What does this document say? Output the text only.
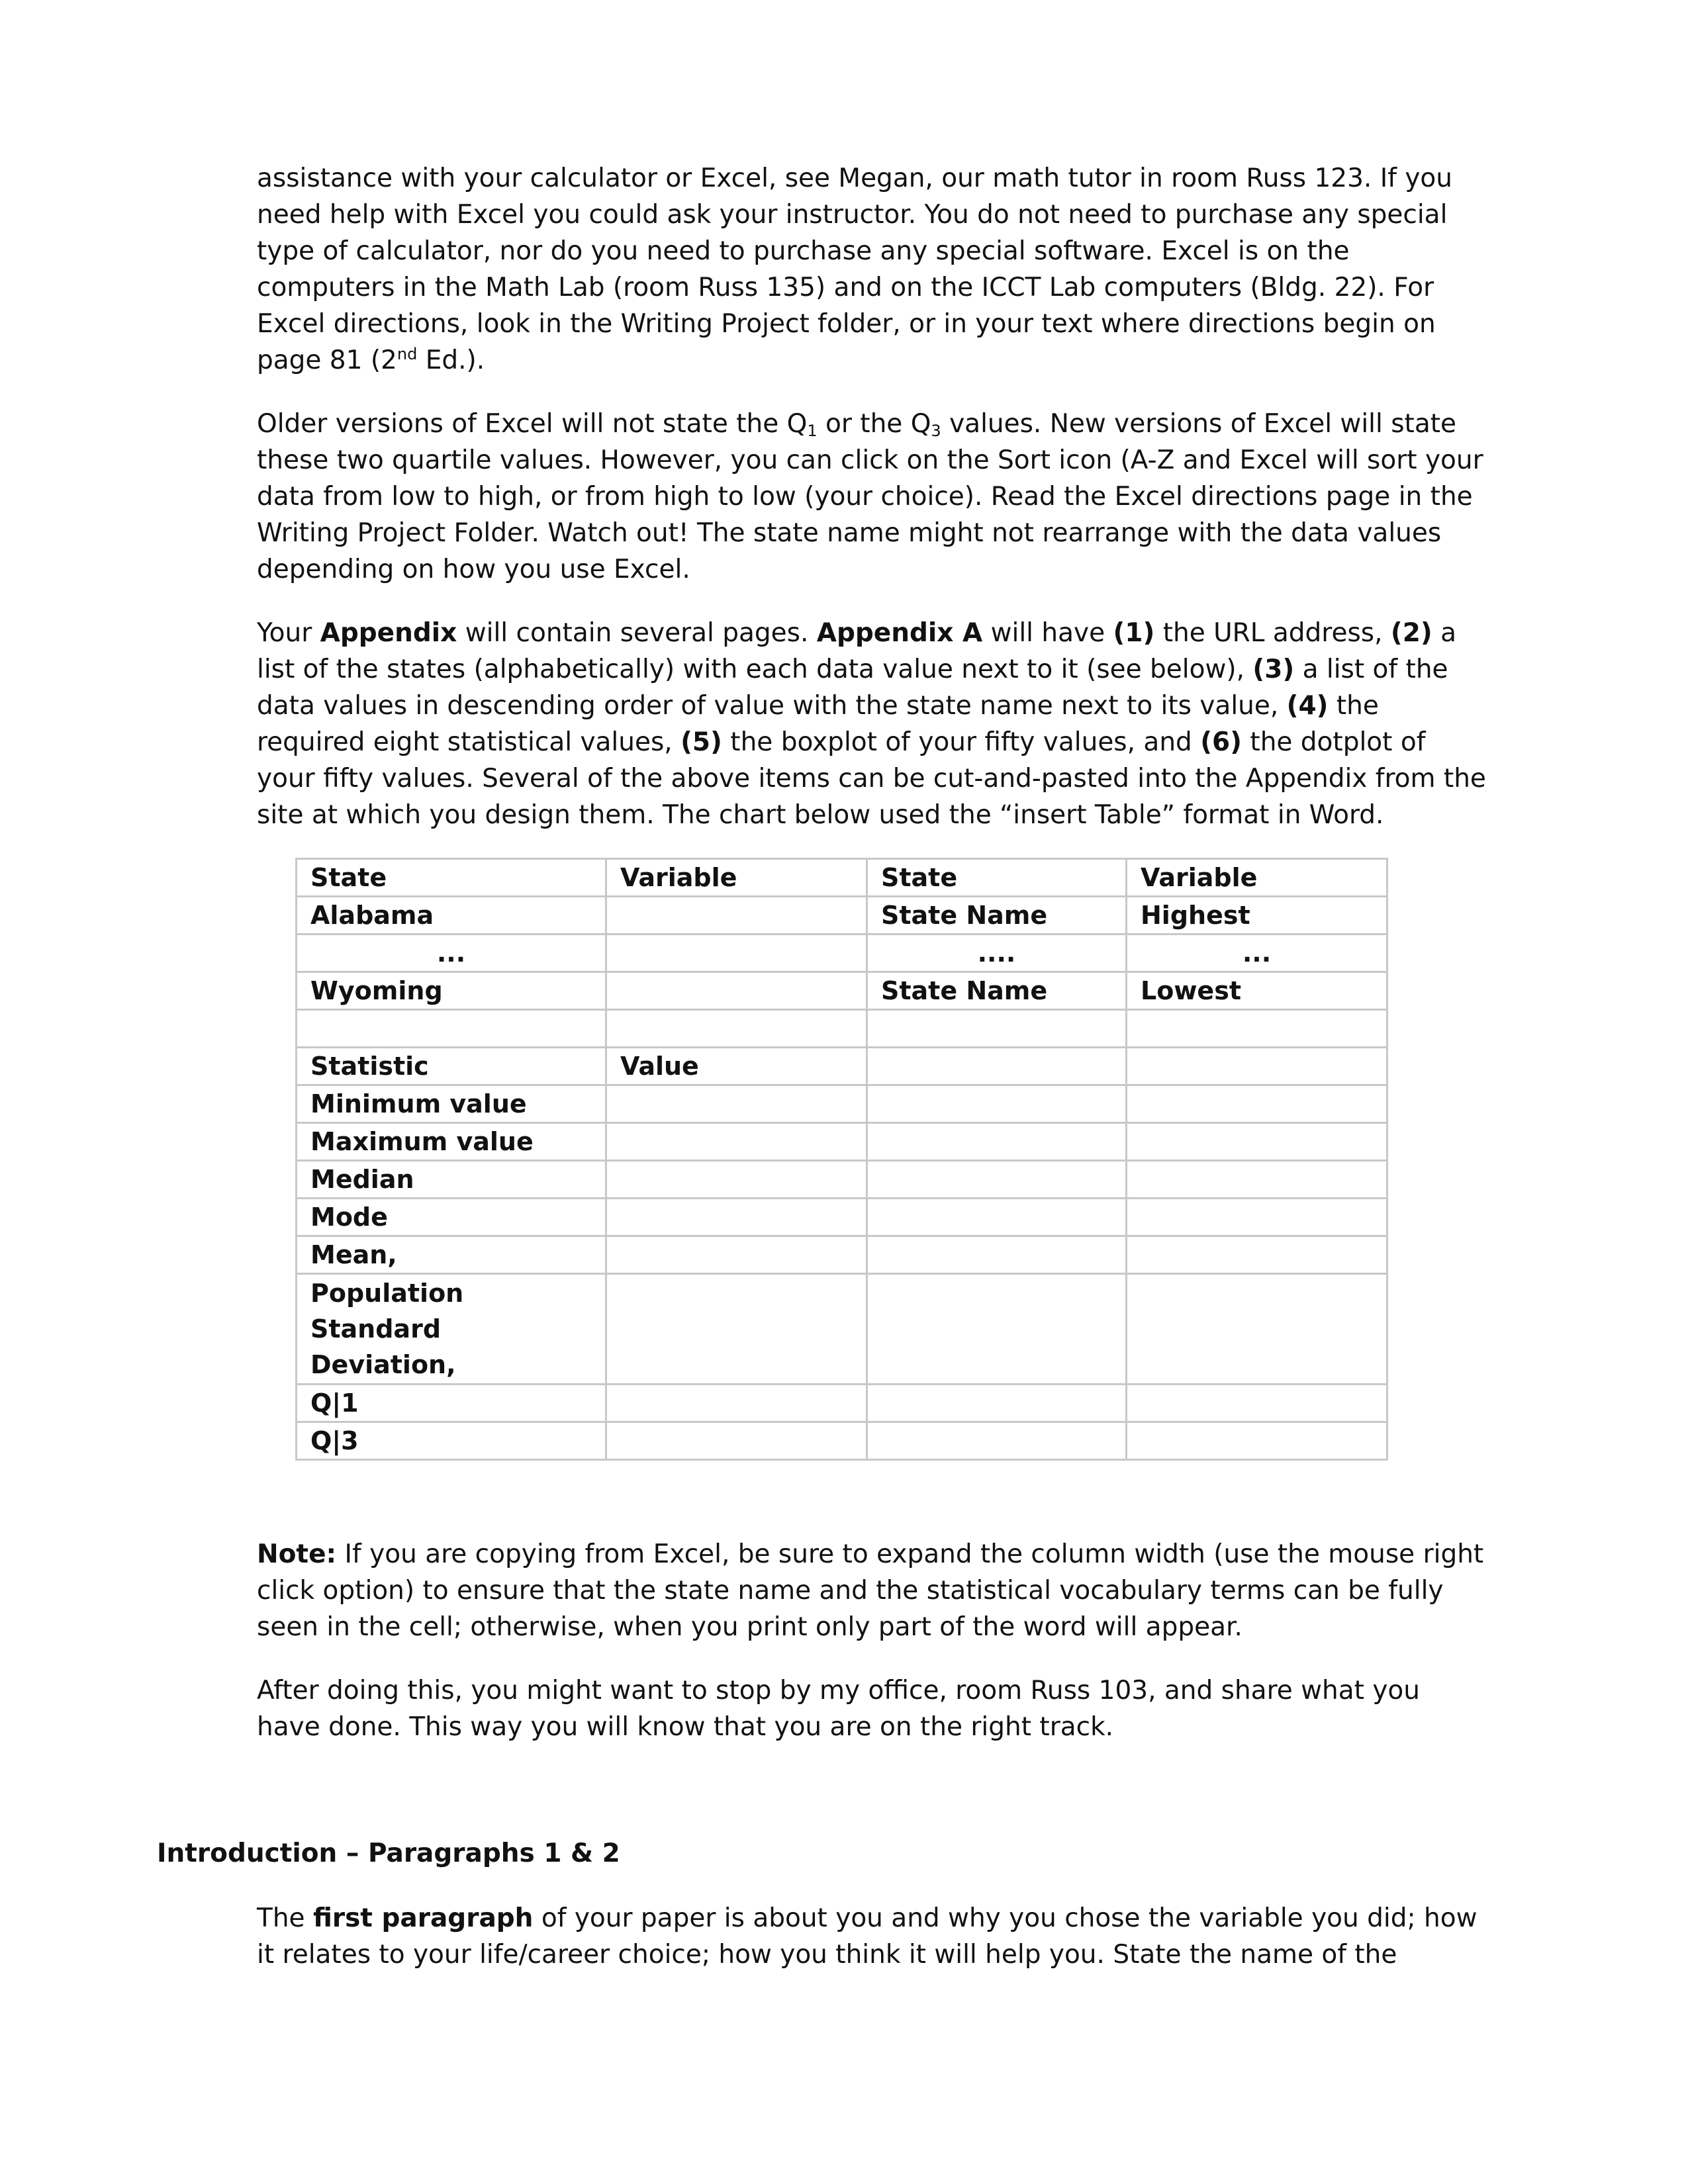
assistance with your calculator or Excel, see Megan, our math tutor in room Russ 123. If you
need help with Excel you could ask your instructor. You do not need to purchase any special
type of calculator, nor do you need to purchase any special software. Excel is on the
computers in the Math Lab (room Russ 135) and on the ICCT Lab computers (Bldg. 22). For
Excel directions, look in the Writing Project folder, or in your text where directions begin on
page 81 (2nd Ed.).
Older versions of Excel will not state the $Q_1$ or the $Q_3$ values. New versions of Excel will state
these two quartile values. However, you can click on the Sort icon (A-Z and Excel will sort your
data from low to high, or from high to low (your choice). Read the Excel directions page in the
Writing Project Folder. Watch out! The state name might not rearrange with the data values
depending on how you use Excel.
Your Appendix will contain several pages. Appendix A will have (1) the URL address, (2) a
list of the states (alphabetically) with each data value next to it (see below), (3) a list of the
data values in descending order of value with the state name next to its value, (4) the
required eight statistical values, (5) the boxplot of your fifty values, and (6) the dotplot of
your fifty values. Several of the above items can be cut-and-pasted into the Appendix from the
site at which you design them. The chart below used the “insert Table” format in Word.
Note: If you are copying from Excel, be sure to expand the column width (use the mouse right
click option) to ensure that the state name and the statistical vocabulary terms can be fully
seen in the cell; otherwise, when you print only part of the word will appear.
After doing this, you might want to stop by my office, room Russ 103, and share what you
have done. This way you will know that you are on the right track.
The first paragraph of your paper is about you and why you chose the variable you did; how
it relates to your life/career choice; how you think it will help you. State the name of the
Introduction – Paragraphs 1 & 2
State	Variable	State	Variable
Alabama		State Name	Highest
...		....	...
Wyoming		State Name	Lowest

Statistic	Value		
Minimum value			
Maximum value			
Median			
Mode			
Mean,			
Population
Standard
Deviation,			
Q|1			
Q|3			
